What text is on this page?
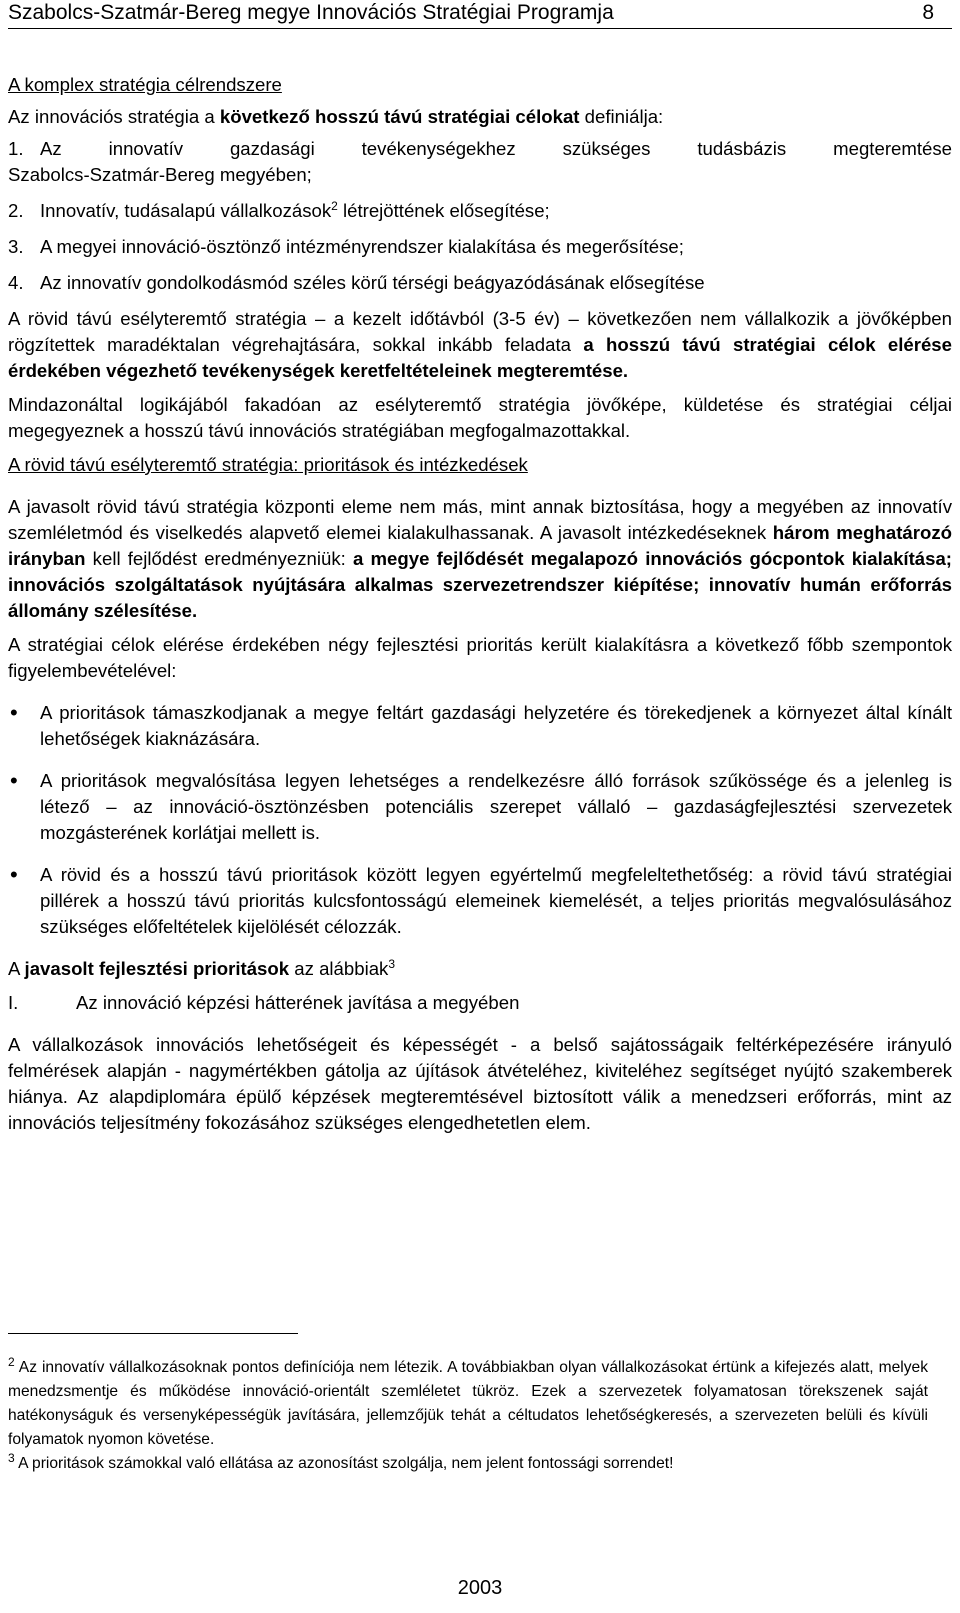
Szabolcs-Szatmár-Bereg megye Innovációs Stratégiai Programja	8

A komplex stratégia célrendszere

Az innovációs stratégia a következő hosszú távú stratégiai célokat definiálja:

1. Az innovatív gazdasági tevékenységekhez szükséges tudásbázis megteremtése
Szabolcs-Szatmár-Bereg megyében;
2. Innovatív, tudásalapú vállalkozások$^2$ létrejöttének elősegítése;
3. A megyei innováció-ösztönző intézményrendszer kialakítása és megerősítése;
4. Az innovatív gondolkodásmód széles körű térségi beágyazódásának elősegítése

A rövid távú esélyteremtő stratégia – a kezelt időtávból (3-5 év) – következően nem vállalkozik a jövőképben rögzítettek maradéktalan végrehajtására, sokkal inkább feladata a hosszú távú stratégiai célok elérése érdekében végezhető tevékenységek keretfeltételeinek megteremtése.

Mindazonáltal logikájából fakadóan az esélyteremtő stratégia jövőképe, küldetése és stratégiai céljai megegyeznek a hosszú távú innovációs stratégiában megfogalmazottakkal.

A rövid távú esélyteremtő stratégia: prioritások és intézkedések

A javasolt rövid távú stratégia központi eleme nem más, mint annak biztosítása, hogy a megyében az innovatív szemléletmód és viselkedés alapvető elemei kialakulhassanak. A javasolt intézkedéseknek három meghatározó irányban kell fejlődést eredményezniük: a megye fejlődését megalapozó innovációs gócpontok kialakítása; innovációs szolgáltatások nyújtására alkalmas szervezetrendszer kiépítése; innovatív humán erőforrás állomány szélesítése.

A stratégiai célok elérése érdekében négy fejlesztési prioritás került kialakításra a következő főbb szempontok figyelembevételével:

• A prioritások támaszkodjanak a megye feltárt gazdasági helyzetére és törekedjenek a környezet által kínált lehetőségek kiaknázására.
• A prioritások megvalósítása legyen lehetséges a rendelkezésre álló források szűkössége és a jelenleg is létező – az innováció-ösztönzésben potenciális szerepet vállaló – gazdaságfejlesztési szervezetek mozgásterének korlátjai mellett is.
• A rövid és a hosszú távú prioritások között legyen egyértelmű megfeleltethetőség: a rövid távú stratégiai pillérek a hosszú távú prioritás kulcsfontosságú elemeinek kiemelését, a teljes prioritás megvalósulásához szükséges előfeltételek kijelölését célozzák.

A javasolt fejlesztési prioritások az alábbiak$^3$

I.	Az innováció képzési hátterének javítása a megyében

A vállalkozások innovációs lehetőségeit és képességét - a belső sajátosságaik feltérképezésére irányuló felmérések alapján - nagymértékben gátolja az újítások átvételéhez, kiviteléhez segítséget nyújtó szakemberek hiánya. Az alapdiplomára épülő képzések megteremtésével biztosított válik a menedzseri erőforrás, mint az innovációs teljesítmény fokozásához szükséges elengedhetetlen elem.

$^2$ Az innovatív vállalkozásoknak pontos definíciója nem létezik. A továbbiakban olyan vállalkozásokat értünk a kifejezés alatt, melyek menedzsmentje és működése innováció-orientált szemléletet tükröz. Ezek a szervezetek folyamatosan törekszenek saját hatékonyságuk és versenyképességük javítására, jellemzőjük tehát a céltudatos lehetőségkeresés, a szervezeten belüli és kívüli folyamatok nyomon követése.

$^3$ A prioritások számokkal való ellátása az azonosítást szolgálja, nem jelent fontossági sorrendet!

2003
